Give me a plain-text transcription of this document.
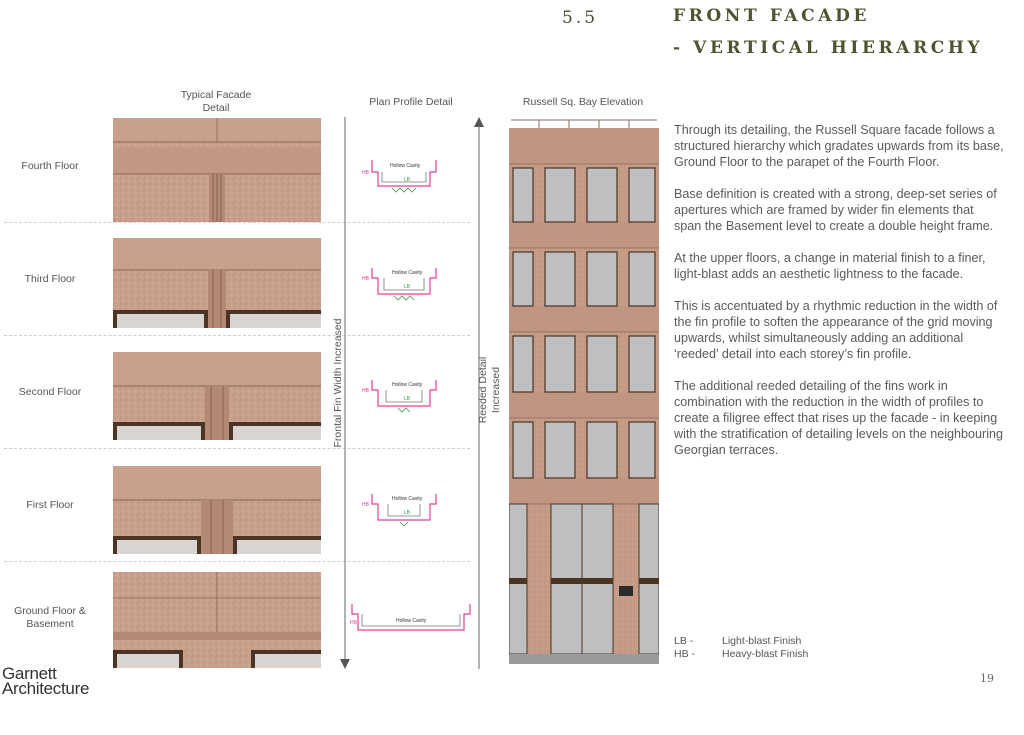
5.5	FRONT FACADE
- VERTICAL HIERARCHY
Typical Facade Detail	Plan Profile Detail	Russell Sq. Bay Elevation
Fourth Floor
Third Floor
Second Floor
First Floor
Ground Floor & Basement
Frontal Fin Width Increased	Reeded Detail Increased
Hollow Cavity
HB
LB
Hollow Cavity
HB
LB
Hollow Cavity
HB
LB
Hollow Cavity
HB
LB
Hollow Cavity
HB

Through its detailing, the Russell Square facade follows a structured hierarchy which gradates upwards from its base, Ground Floor to the parapet of the Fourth Floor.

Base definition is created with a strong, deep-set series of apertures which are framed by wider fin elements that span the Basement level to create a double height frame.

At the upper floors, a change in material finish to a finer, light-blast adds an aesthetic lightness to the facade.

This is accentuated by a rhythmic reduction in the width of the fin profile to soften the appearance of the grid moving upwards, whilst simultaneously adding an additional ‘reeded’ detail into each storey’s fin profile.

The additional reeded detailing of the fins work in combination with the reduction in the width of profiles to create a filigree effect that rises up the facade - in keeping with the stratification of detailing levels on the neighbouring Georgian terraces.

LB -	Light-blast Finish
HB -	Heavy-blast Finish
Garnett
Architecture
19
